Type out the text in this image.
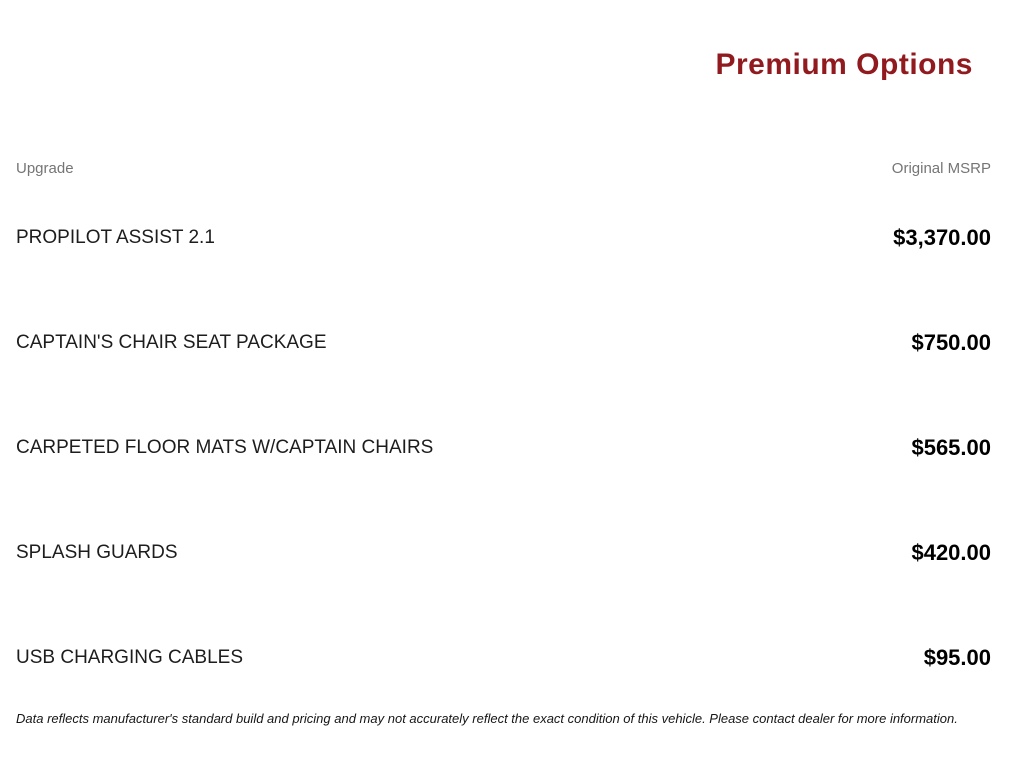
Premium Options
Upgrade	Original MSRP
PROPILOT ASSIST 2.1	$3,370.00
CAPTAIN'S CHAIR SEAT PACKAGE	$750.00
CARPETED FLOOR MATS W/CAPTAIN CHAIRS	$565.00
SPLASH GUARDS	$420.00
USB CHARGING CABLES	$95.00

Data reflects manufacturer's standard build and pricing and may not accurately reflect the exact condition of this vehicle. Please contact dealer for more information.
